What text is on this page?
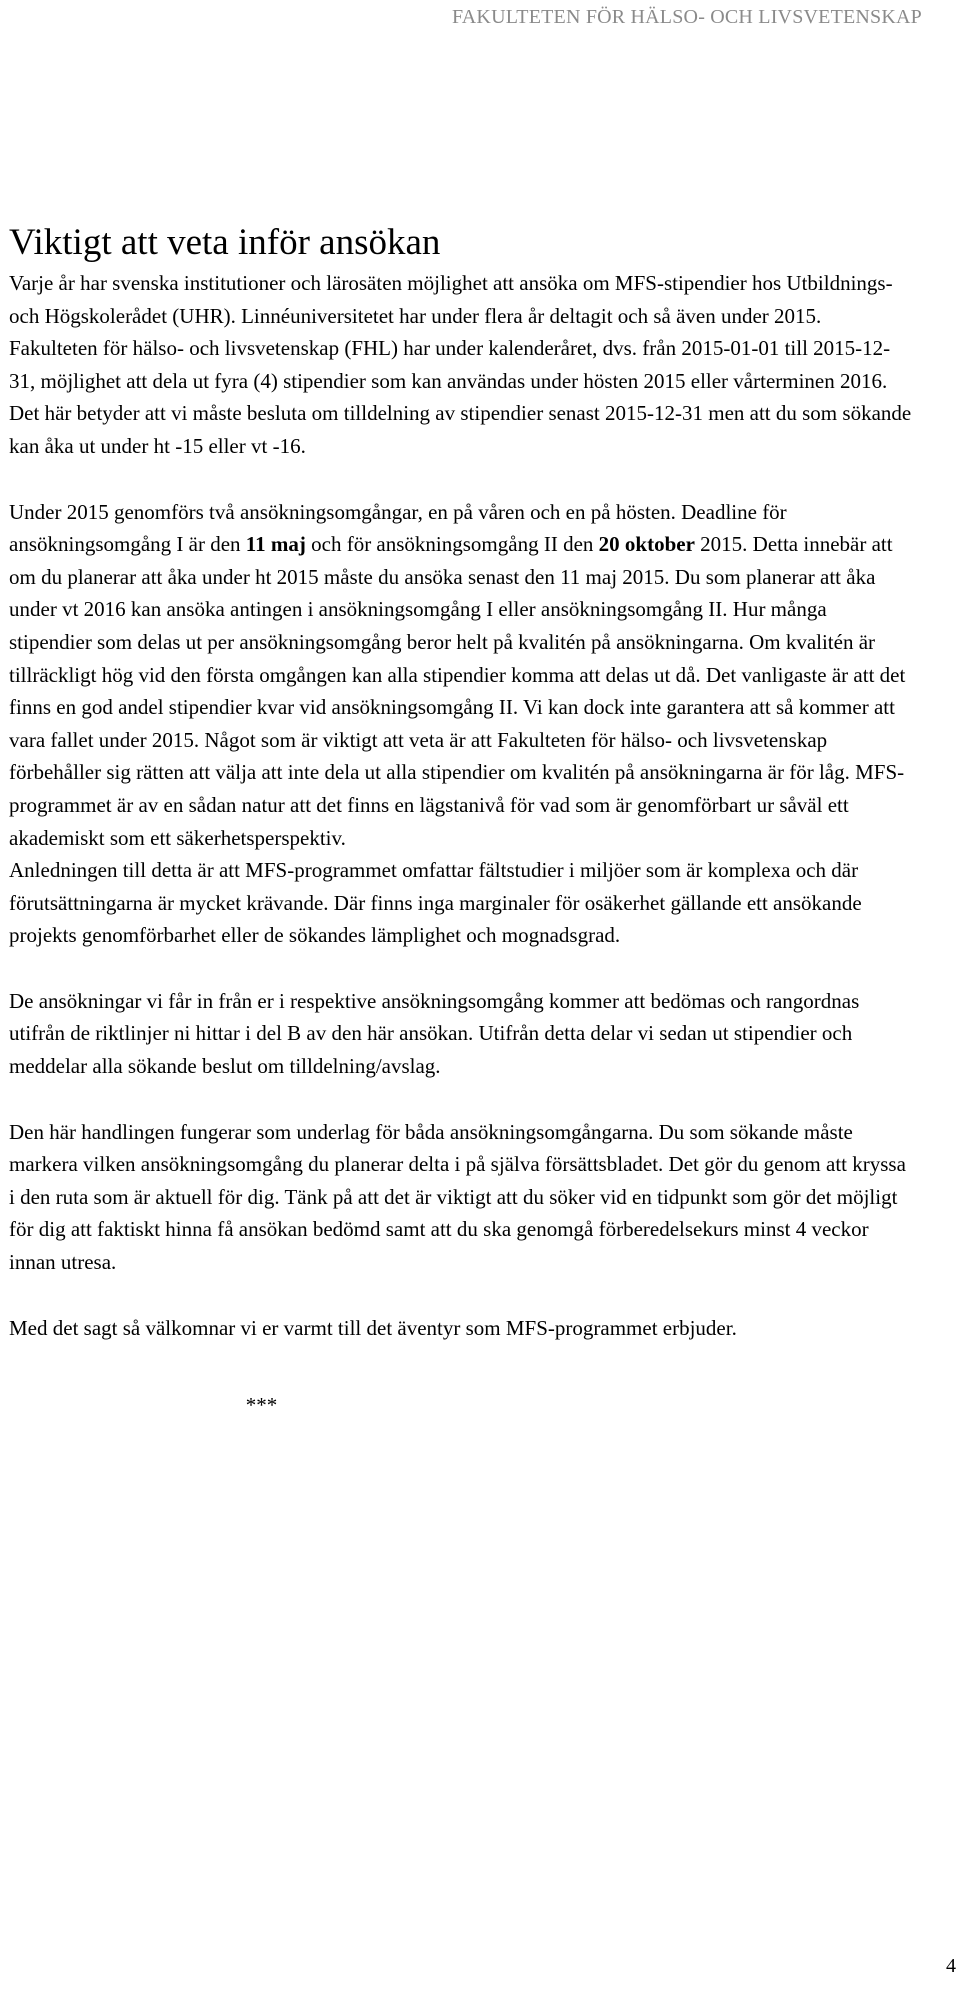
FAKULTETEN FÖR HÄLSO- OCH LIVSVETENSKAP
Viktigt att veta inför ansökan

Varje år har svenska institutioner och lärosäten möjlighet att ansöka om MFS-stipendier hos Utbildnings- och Högskolerådet (UHR). Linnéuniversitetet har under flera år deltagit och så även under 2015. Fakulteten för hälso- och livsvetenskap (FHL) har under kalenderåret, dvs. från 2015-01-01 till 2015-12-31, möjlighet att dela ut fyra (4) stipendier som kan användas under hösten 2015 eller vårterminen 2016. Det här betyder att vi måste besluta om tilldelning av stipendier senast 2015-12-31 men att du som sökande kan åka ut under ht -15 eller vt -16.

Under 2015 genomförs två ansökningsomgångar, en på våren och en på hösten. Deadline för ansökningsomgång I är den 11 maj och för ansökningsomgång II den 20 oktober 2015. Detta innebär att om du planerar att åka under ht 2015 måste du ansöka senast den 11 maj 2015. Du som planerar att åka under vt 2016 kan ansöka antingen i ansökningsomgång I eller ansökningsomgång II. Hur många stipendier som delas ut per ansökningsomgång beror helt på kvalitén på ansökningarna. Om kvalitén är tillräckligt hög vid den första omgången kan alla stipendier komma att delas ut då. Det vanligaste är att det finns en god andel stipendier kvar vid ansökningsomgång II. Vi kan dock inte garantera att så kommer att vara fallet under 2015. Något som är viktigt att veta är att Fakulteten för hälso- och livsvetenskap förbehåller sig rätten att välja att inte dela ut alla stipendier om kvalitén på ansökningarna är för låg. MFS-programmet är av en sådan natur att det finns en lägstanivå för vad som är genomförbart ur såväl ett akademiskt som ett säkerhetsperspektiv.

Anledningen till detta är att MFS-programmet omfattar fältstudier i miljöer som är komplexa och där förutsättningarna är mycket krävande. Där finns inga marginaler för osäkerhet gällande ett ansökande projekts genomförbarhet eller de sökandes lämplighet och mognadsgrad.

De ansökningar vi får in från er i respektive ansökningsomgång kommer att bedömas och rangordnas utifrån de riktlinjer ni hittar i del B av den här ansökan. Utifrån detta delar vi sedan ut stipendier och meddelar alla sökande beslut om tilldelning/avslag.

Den här handlingen fungerar som underlag för båda ansökningsomgångarna. Du som sökande måste markera vilken ansökningsomgång du planerar delta i på själva försättsbladet. Det gör du genom att kryssa i den ruta som är aktuell för dig. Tänk på att det är viktigt att du söker vid en tidpunkt som gör det möjligt för dig att faktiskt hinna få ansökan bedömd samt att du ska genomgå förberedelsekurs minst 4 veckor innan utresa.

Med det sagt så välkomnar vi er varmt till det äventyr som MFS-programmet erbjuder.

***
4
